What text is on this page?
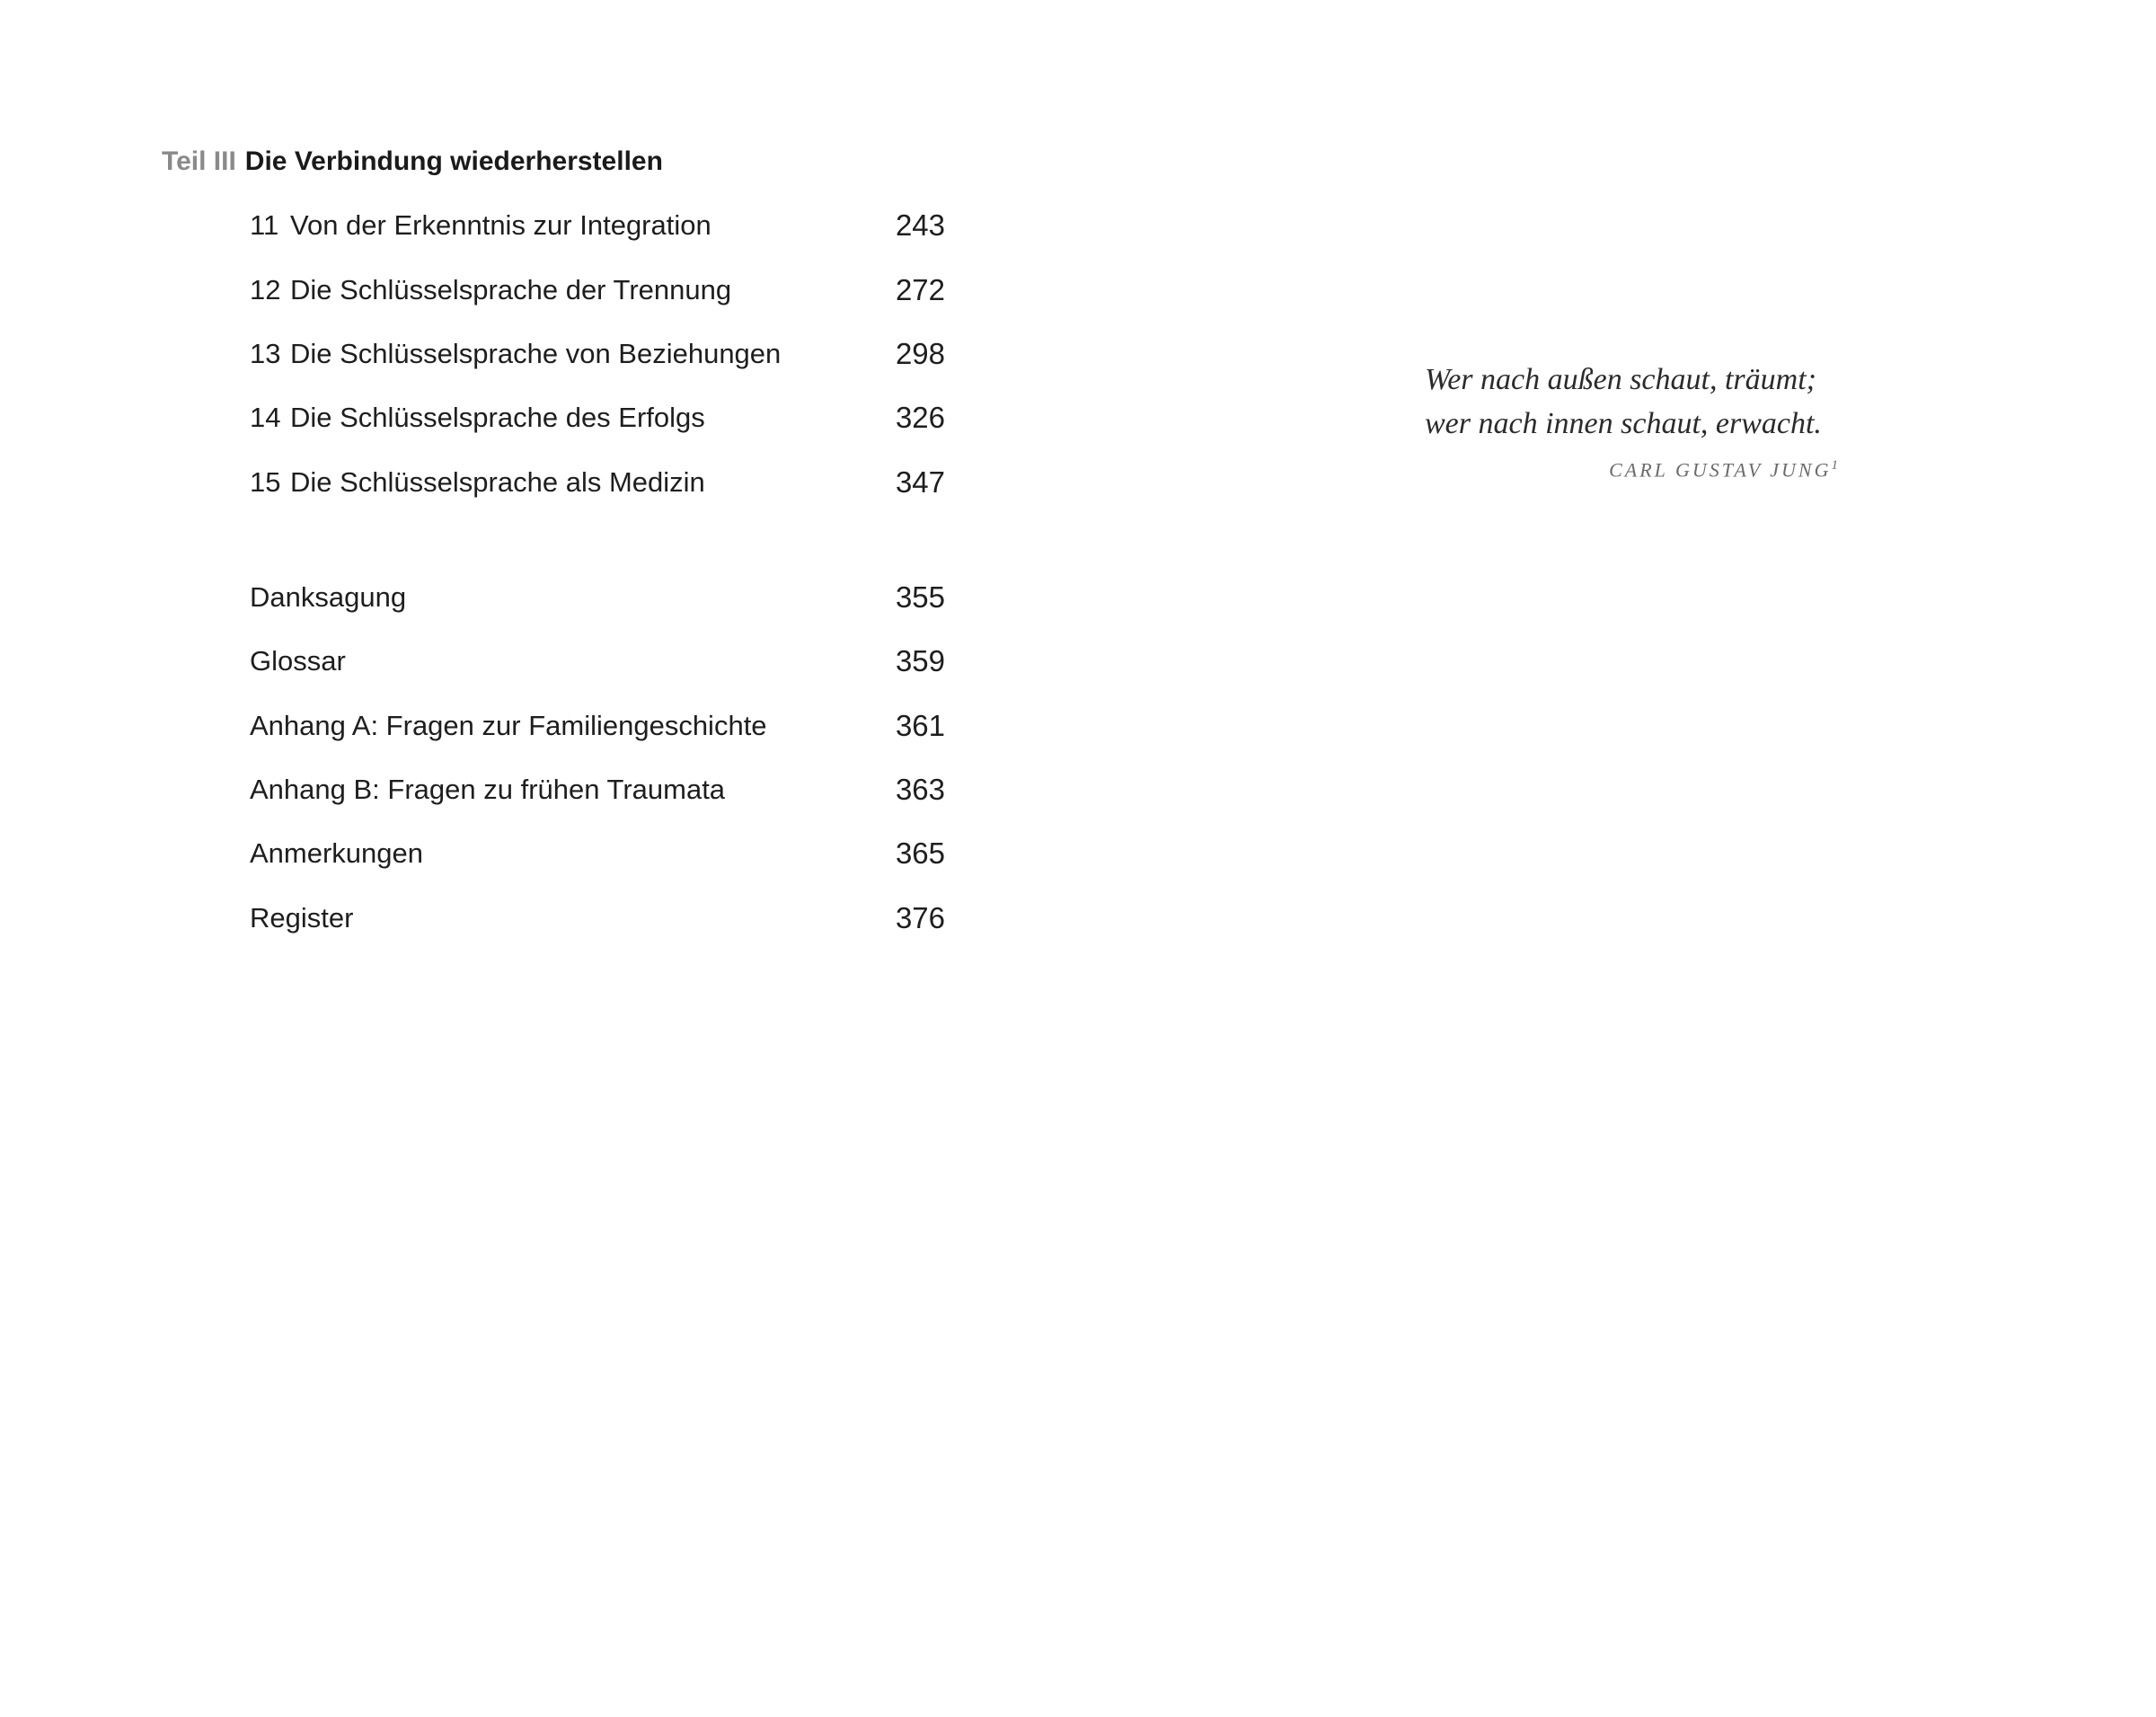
Teil III Die Verbindung wiederherstellen
11 Von der Erkenntnis zur Integration	243
12 Die Schlüsselsprache der Trennung	272
13 Die Schlüsselsprache von Beziehungen	298
14 Die Schlüsselsprache des Erfolgs	326
15 Die Schlüsselsprache als Medizin	347
Danksagung	355
Glossar	359
Anhang A: Fragen zur Familiengeschichte	361
Anhang B: Fragen zu frühen Traumata	363
Anmerkungen	365
Register	376
Wer nach außen schaut, träumt;
wer nach innen schaut, erwacht.
CARL GUSTAV JUNG$^1$
